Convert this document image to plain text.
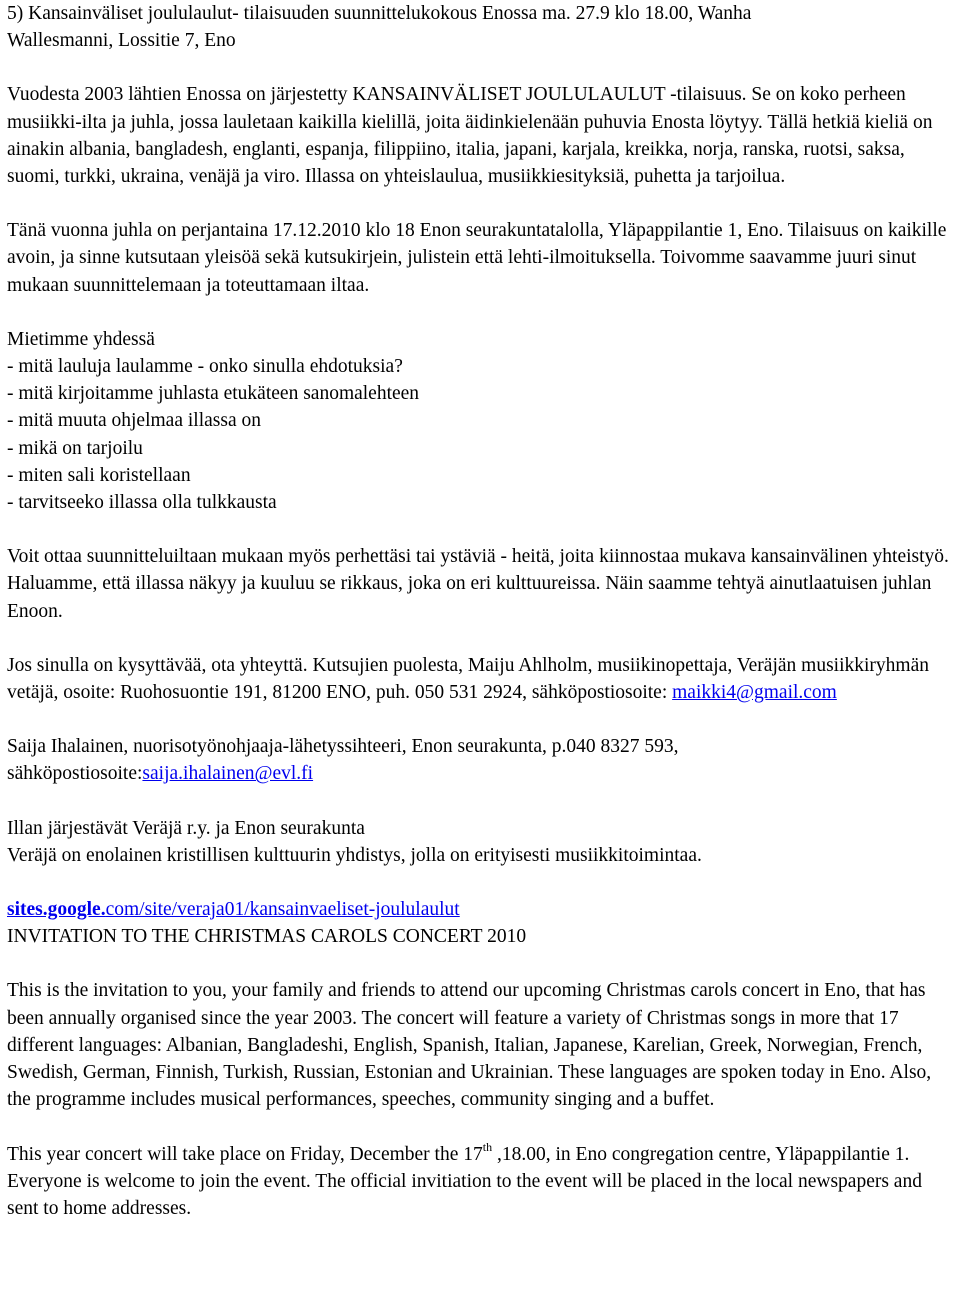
5) Kansainväliset joululaulut- tilaisuuden suunnittelukokous Enossa ma. 27.9 klo 18.00, Wanha
Wallesmanni, Lossitie 7, Eno

Vuodesta 2003 lähtien Enossa on järjestetty KANSAINVÄLISET JOULULAULUT -tilaisuus. Se on koko perheen musiikki-ilta ja juhla, jossa lauletaan kaikilla kielillä, joita äidinkielenään puhuvia Enosta löytyy. Tällä hetkiä kieliä on ainakin albania, bangladesh, englanti, espanja, filippiino, italia, japani, karjala, kreikka, norja, ranska, ruotsi, saksa, suomi, turkki, ukraina, venäjä ja viro. Illassa on yhteislaulua, musiikkiesityksiä, puhetta ja tarjoilua.

Tänä vuonna juhla on perjantaina 17.12.2010 klo 18 Enon seurakuntatalolla, Yläpappilantie 1, Eno. Tilaisuus on kaikille avoin, ja sinne kutsutaan yleisöä sekä kutsukirjein, julistein että lehti-ilmoituksella. Toivomme saavamme juuri sinut mukaan suunnittelemaan ja toteuttamaan iltaa.

Mietimme yhdessä

- mitä lauluja laulamme - onko sinulla ehdotuksia?

- mitä kirjoitamme juhlasta etukäteen sanomalehteen

- mitä muuta ohjelmaa illassa on

- mikä on tarjoilu

- miten sali koristellaan

- tarvitseeko illassa olla tulkkausta

Voit ottaa suunnitteluiltaan mukaan myös perhettäsi tai ystäviä - heitä, joita kiinnostaa mukava kansainvälinen yhteistyö. Haluamme, että illassa näkyy ja kuuluu se rikkaus, joka on eri kulttuureissa. Näin saamme tehtyä ainutlaatuisen juhlan Enoon.

Jos sinulla on kysyttävää, ota yhteyttä. Kutsujien puolesta, Maiju Ahlholm, musiikinopettaja, Veräjän musiikkiryhmän vetäjä, osoite: Ruohosuontie 191, 81200 ENO, puh. 050 531 2924, sähköpostiosoite: maikki4@gmail.com

Saija Ihalainen, nuorisotyönohjaaja-lähetyssihteeri, Enon seurakunta, p.040 8327 593, sähköpostiosoite:saija.ihalainen@evl.fi

Illan järjestävät Veräjä r.y. ja Enon seurakunta

Veräjä on enolainen kristillisen kulttuurin yhdistys, jolla on erityisesti musiikkitoimintaa.

sites.google.com/site/veraja01/kansainvaeliset-joululaulut

INVITATION TO THE CHRISTMAS CAROLS CONCERT 2010

This is the invitation to you, your family and friends to attend our upcoming Christmas carols concert in Eno, that has been annually organised since the year 2003. The concert will feature a variety of Christmas songs in more that 17 different languages: Albanian, Bangladeshi, English, Spanish, Italian, Japanese, Karelian, Greek, Norwegian, French, Swedish, German, Finnish, Turkish, Russian, Estonian and Ukrainian. These languages are spoken today in Eno. Also, the programme includes musical performances, speeches, community singing and a buffet.

This year concert will take place on Friday, December the 17th ,18.00, in Eno congregation centre, Yläpappilantie 1. Everyone is welcome to join the event. The official invitiation to the event will be placed in the local newspapers and sent to home addresses.
